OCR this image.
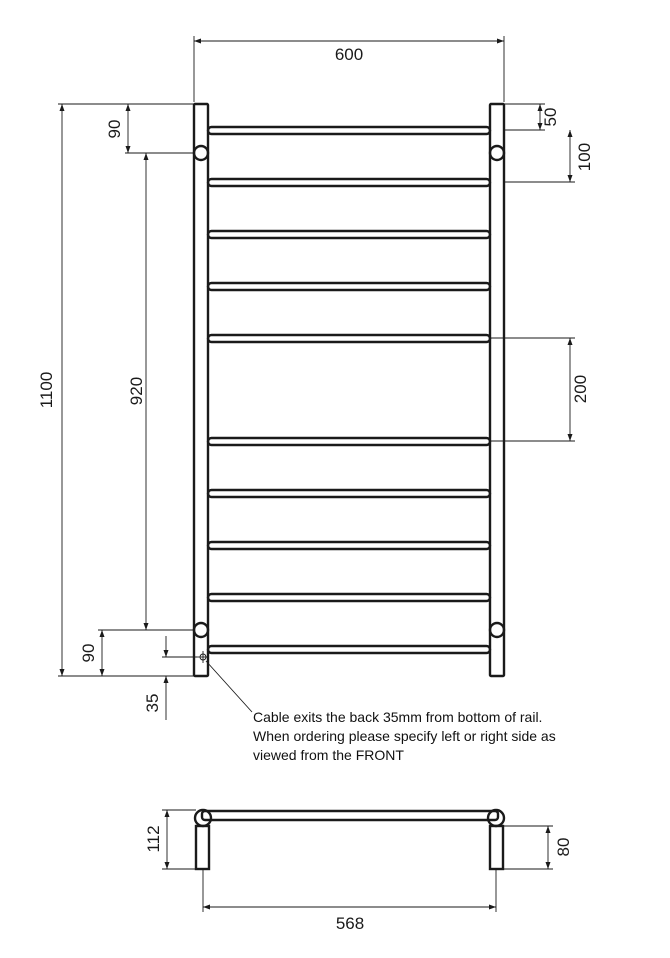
600
1100
90
920
90
35
50
100
200
112	80
568
Cable exits the back 35mm from bottom of rail.
When ordering please specify left or right side as
viewed from the FRONT
